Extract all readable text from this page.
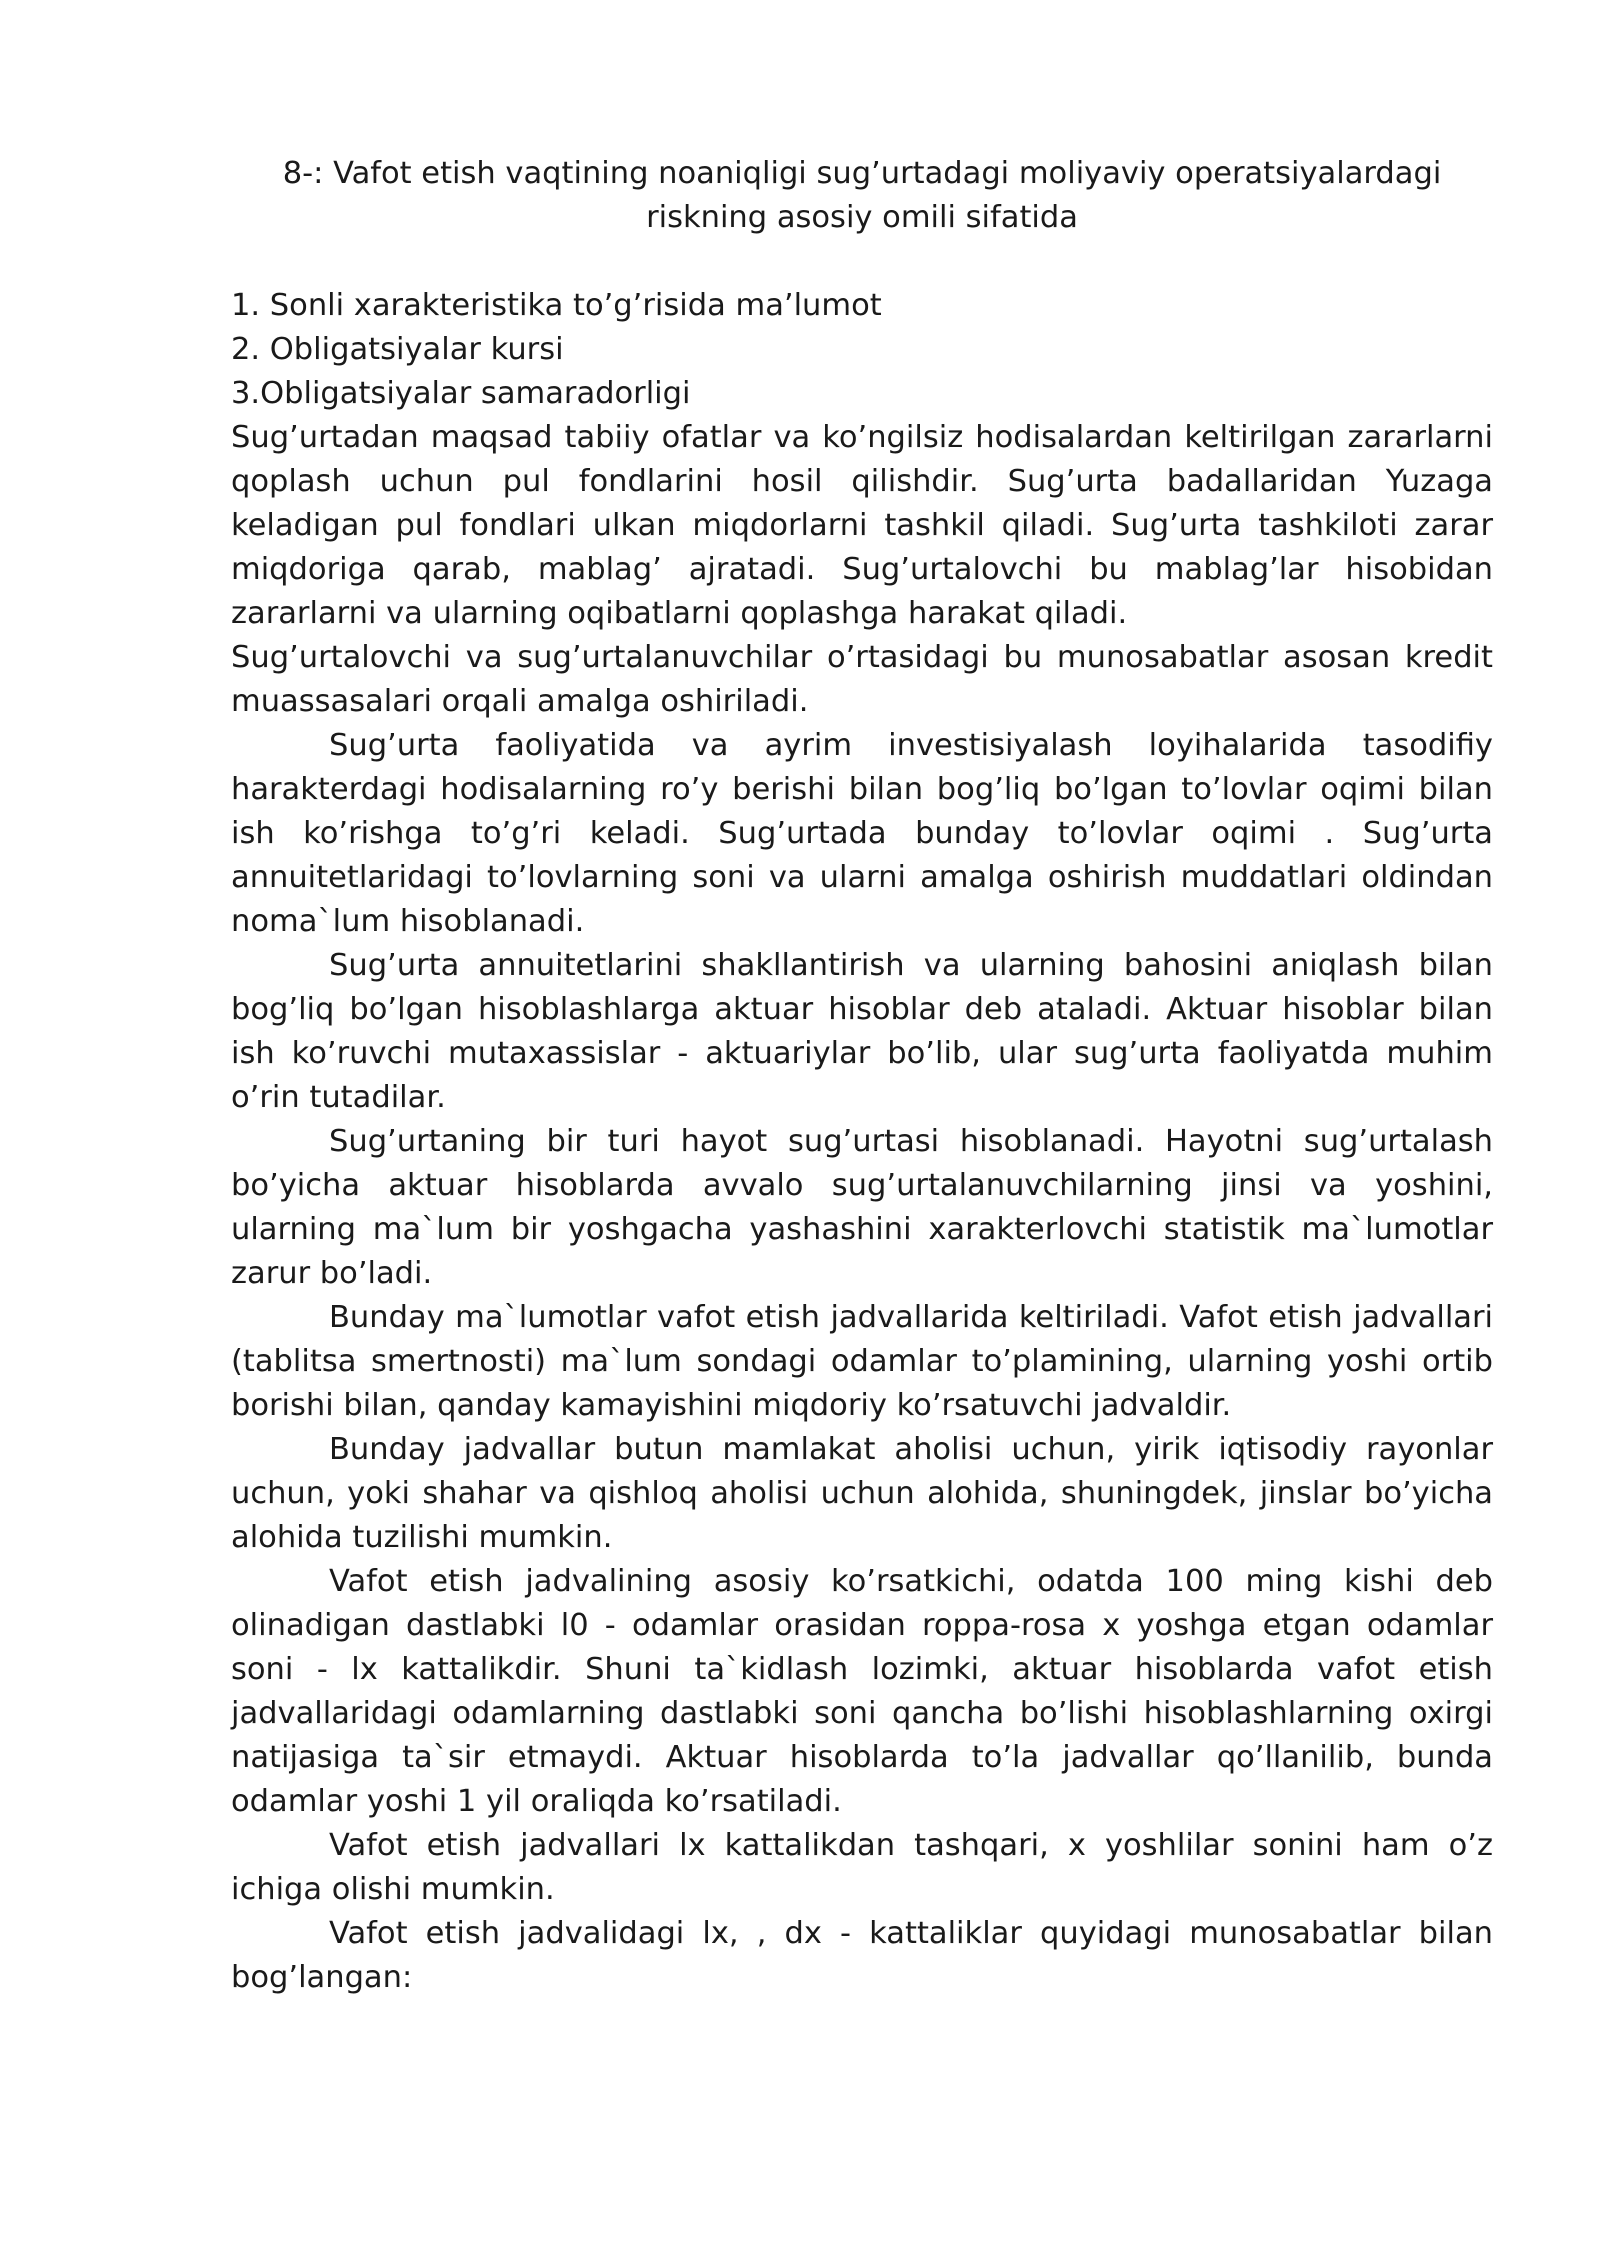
8-: Vafot etish vaqtining noaniqligi sug’urtadagi moliyaviy operatsiyalardagi
riskning asosiy omili sifatida

1. Sonli xarakteristika to’g’risida ma’lumot

2. Obligatsiyalar kursi

3.Obligatsiyalar samaradorligi

Sug’urtadan maqsad tabiiy ofatlar va ko’ngilsiz hodisalardan keltirilgan zararlarni qoplash uchun pul fondlarini hosil qilishdir. Sug’urta badallaridan Yuzaga keladigan pul fondlari ulkan miqdorlarni tashkil qiladi. Sug’urta tashkiloti zarar miqdoriga qarab, mablag’ ajratadi. Sug’urtalovchi bu mablag’lar hisobidan zararlarni va ularning oqibatlarni qoplashga harakat qiladi.

Sug’urtalovchi va sug’urtalanuvchilar o’rtasidagi bu munosabatlar asosan kredit muassasalari orqali amalga oshiriladi.

Sug’urta faoliyatida va ayrim investisiyalash loyihalarida tasodifiy harakterdagi hodisalarning ro’y berishi bilan bog’liq bo’lgan to’lovlar oqimi bilan ish ko’rishga to’g’ri keladi. Sug’urtada bunday to’lovlar oqimi . Sug’urta annuitetlaridagi to’lovlarning soni va ularni amalga oshirish muddatlari oldindan noma`lum hisoblanadi.

Sug’urta annuitetlarini shakllantirish va ularning bahosini aniqlash bilan bog’liq bo’lgan hisoblashlarga aktuar hisoblar deb ataladi. Aktuar hisoblar bilan ish ko’ruvchi mutaxassislar - aktuariylar bo’lib, ular sug’urta faoliyatda muhim o’rin tutadilar.

Sug’urtaning bir turi hayot sug’urtasi hisoblanadi. Hayotni sug’urtalash bo’yicha aktuar hisoblarda avvalo sug’urtalanuvchilarning jinsi va yoshini, ularning ma`lum bir yoshgacha yashashini xarakterlovchi statistik ma`lumotlar zarur bo’ladi.

Bunday ma`lumotlar vafot etish jadvallarida keltiriladi. Vafot etish jadvallari (tablitsa smertnosti) ma`lum sondagi odamlar to’plamining, ularning yoshi ortib borishi bilan, qanday kamayishini miqdoriy ko’rsatuvchi jadvaldir.

Bunday jadvallar butun mamlakat aholisi uchun, yirik iqtisodiy rayonlar uchun, yoki shahar va qishloq aholisi uchun alohida, shuningdek, jinslar bo’yicha alohida tuzilishi mumkin.

Vafot etish jadvalining asosiy ko’rsatkichi, odatda 100 ming kishi deb olinadigan dastlabki l0 - odamlar orasidan roppa-rosa x yoshga etgan odamlar soni - lx kattalikdir. Shuni ta`kidlash lozimki, aktuar hisoblarda vafot etish jadvallaridagi odamlarning dastlabki soni qancha bo’lishi hisoblashlarning oxirgi natijasiga ta`sir etmaydi. Aktuar hisoblarda to’la jadvallar qo’llanilib, bunda odamlar yoshi 1 yil oraliqda ko’rsatiladi.

Vafot etish jadvallari lx kattalikdan tashqari, x yoshlilar sonini ham o’z ichiga olishi mumkin.

Vafot etish jadvalidagi lx, , dx - kattaliklar quyidagi munosabatlar bilan bog’langan:
